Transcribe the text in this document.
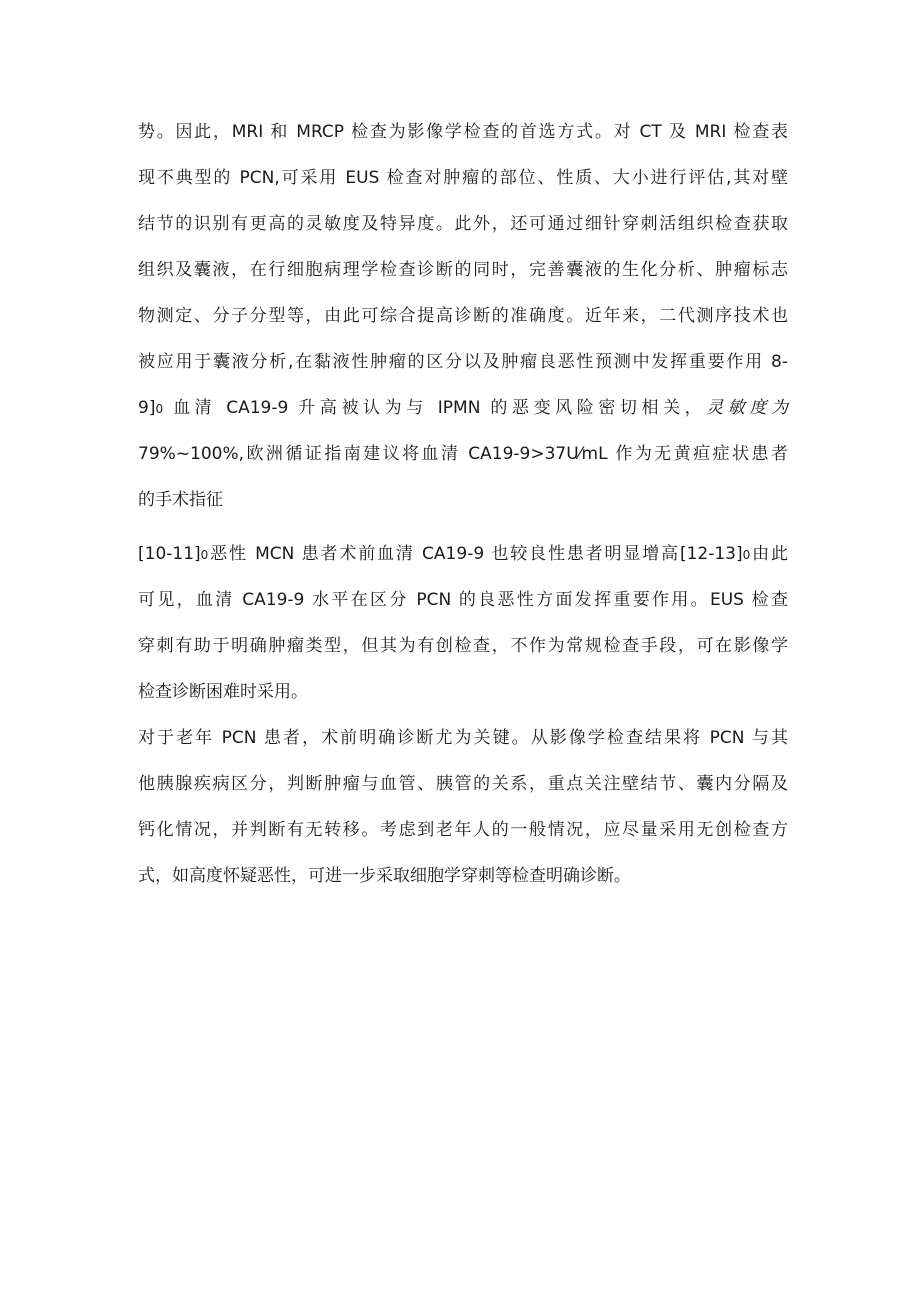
势。因此，MRI 和 MRCP 检查为影像学检查的首选方式。对 CT 及 MRI 检查表
现不典型的 PCN,可采用 EUS 检查对肿瘤的部位、性质、大小进行评估,其对壁
结节的识别有更高的灵敏度及特异度。此外，还可通过细针穿刺活组织检查获取
组织及囊液，在行细胞病理学检查诊断的同时，完善囊液的生化分析、肿瘤标志
物测定、分子分型等，由此可综合提高诊断的准确度。近年来，二代测序技术也
被应用于囊液分析,在黏液性肿瘤的区分以及肿瘤良恶性预测中发挥重要作用 8-
9]0 血清 CA19-9 升高被认为与 IPMN 的恶变风险密切相关，灵敏度为
79%~100%,欧洲循证指南建议将血清 CA19-9>37U⁄mL 作为无黄疸症状患者
的手术指征
[10-11]0恶性 MCN 患者术前血清 CA19-9 也较良性患者明显增高[12-13]0由此
可见，血清 CA19-9 水平在区分 PCN 的良恶性方面发挥重要作用。EUS 检查
穿刺有助于明确肿瘤类型，但其为有创检查，不作为常规检查手段，可在影像学
检查诊断困难时采用。
对于老年 PCN 患者，术前明确诊断尤为关键。从影像学检查结果将 PCN 与其
他胰腺疾病区分，判断肿瘤与血管、胰管的关系，重点关注壁结节、囊内分隔及
钙化情况，并判断有无转移。考虑到老年人的一般情况，应尽量采用无创检查方
式，如高度怀疑恶性，可进一步采取细胞学穿刺等检查明确诊断。
